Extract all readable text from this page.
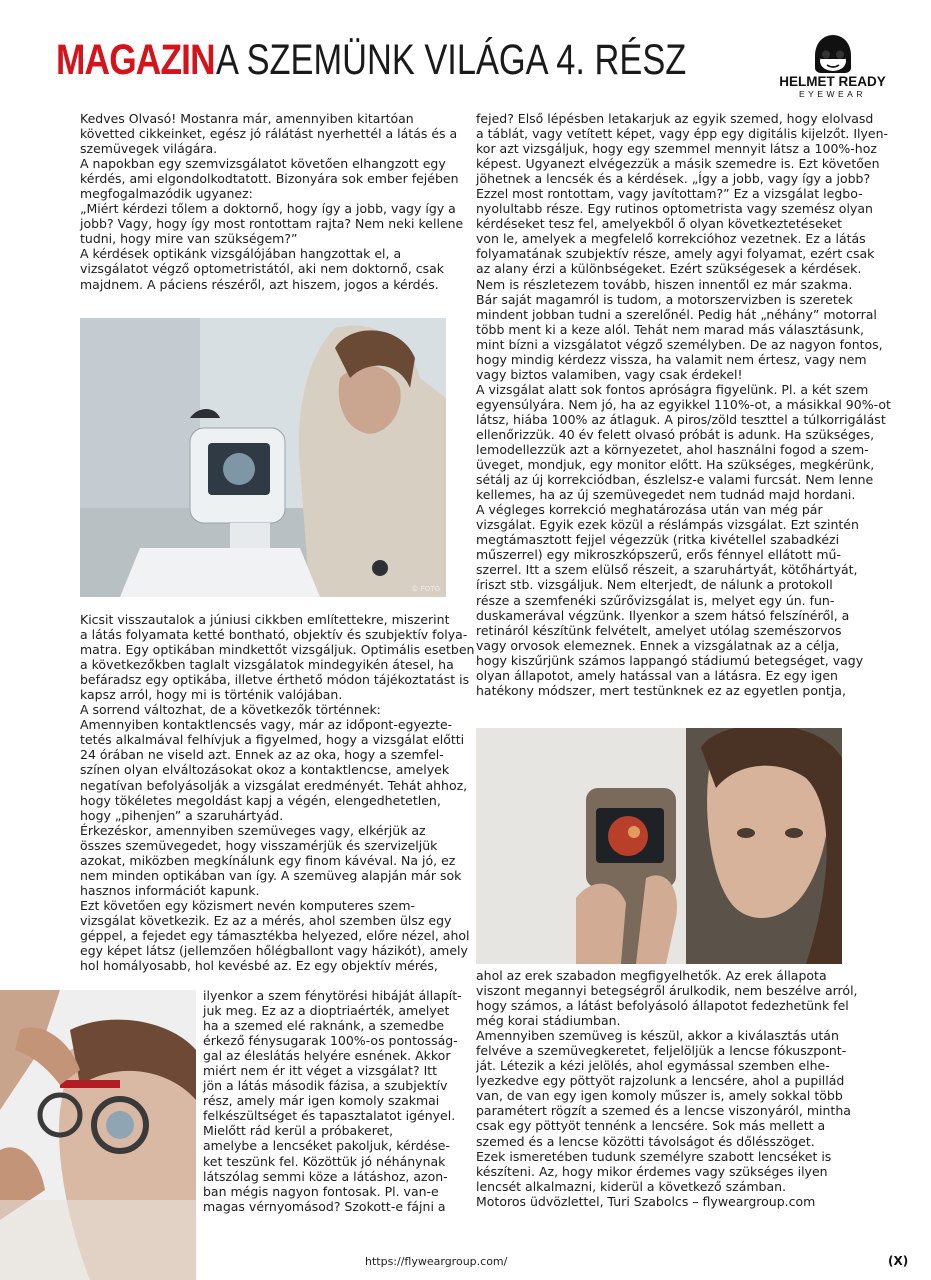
MAGAZIN A SZEMÜNK VILÁGA 4. RÉSZ	HELMET READY
EYEWEAR

Kedves Olvasó! Mostanra már, amennyiben kitartóan

követted cikkeinket, egész jó rálátást nyerhettél a látás és a

szemüvegek világára.

A napokban egy szemvizsgálatot követően elhangzott egy

kérdés, ami elgondolkodtatott. Bizonyára sok ember fejében

megfogalmazódik ugyanez:

„Miért kérdezi tőlem a doktornő, hogy így a jobb, vagy így a

jobb? Vagy, hogy így most rontottam rajta? Nem neki kellene

tudni, hogy mire van szükségem?”

A kérdések optikánk vizsgálójában hangzottak el, a

vizsgálatot végző optometristától, aki nem doktornő, csak

majdnem. A páciens részéről, azt hiszem, jogos a kérdés.

© FOTÓ

Kicsit visszautalok a júniusi cikkben említettekre, miszerint

a látás folyamata ketté bontható, objektív és szubjektív folya-

matra. Egy optikában mindkettőt vizsgáljuk. Optimális esetben

a következőkben taglalt vizsgálatok mindegyikén átesel, ha

befáradsz egy optikába, illetve érthető módon tájékoztatást is

kapsz arról, hogy mi is történik valójában.

A sorrend változhat, de a következők történnek:

Amennyiben kontaktlencsés vagy, már az időpont-egyezte-

tetés alkalmával felhívjuk a figyelmed, hogy a vizsgálat előtti

24 órában ne viseld azt. Ennek az az oka, hogy a szemfel-

színen olyan elváltozásokat okoz a kontaktlencse, amelyek

negatívan befolyásolják a vizsgálat eredményét. Tehát ahhoz,

hogy tökéletes megoldást kapj a végén, elengedhetetlen,

hogy „pihenjen” a szaruhártyád.

Érkezéskor, amennyiben szemüveges vagy, elkérjük az

összes szemüvegedet, hogy visszamérjük és szervizeljük

azokat, miközben megkínálunk egy finom kávéval. Na jó, ez

nem minden optikában van így. A szemüveg alapján már sok

hasznos információt kapunk.

Ezt követően egy közismert nevén komputeres szem-

vizsgálat következik. Ez az a mérés, ahol szemben ülsz egy

géppel, a fejedet egy támasztékba helyezed, előre nézel, ahol

egy képet látsz (jellemzően hőlégballont vagy házikót), amely

hol homályosabb, hol kevésbé az. Ez egy objektív mérés,

ilyenkor a szem fénytörési hibáját állapít-

juk meg. Ez az a dioptriaérték, amelyet

ha a szemed elé raknánk, a szemedbe

érkező fénysugarak 100%-os pontosság-

gal az éleslátás helyére esnének. Akkor

miért nem ér itt véget a vizsgálat? Itt

jön a látás második fázisa, a szubjektív

rész, amely már igen komoly szakmai

felkészültséget és tapasztalatot igényel.

Mielőtt rád kerül a próbakeret,

amelybe a lencséket pakoljuk, kérdése-

ket teszünk fel. Közöttük jó néhánynak

látszólag semmi köze a látáshoz, azon-

ban mégis nagyon fontosak. Pl. van-e

magas vérnyomásod? Szokott-e fájni a

fejed? Első lépésben letakarjuk az egyik szemed, hogy elolvasd

a táblát, vagy vetített képet, vagy épp egy digitális kijelzőt. Ilyen-

kor azt vizsgáljuk, hogy egy szemmel mennyit látsz a 100%-hoz

képest. Ugyanezt elvégezzük a másik szemedre is. Ezt követően

jöhetnek a lencsék és a kérdések. „Így a jobb, vagy így a jobb?

Ezzel most rontottam, vagy javítottam?” Ez a vizsgálat legbo-

nyolultabb része. Egy rutinos optometrista vagy szemész olyan

kérdéseket tesz fel, amelyekből ő olyan következtetéseket

von le, amelyek a megfelelő korrekcióhoz vezetnek. Ez a látás

folyamatának szubjektív része, amely agyi folyamat, ezért csak

az alany érzi a különbségeket. Ezért szükségesek a kérdések.

Nem is részletezem tovább, hiszen innentől ez már szakma.

Bár saját magamról is tudom, a motorszervizben is szeretek

mindent jobban tudni a szerelőnél. Pedig hát „néhány” motorral

több ment ki a keze alól. Tehát nem marad más választásunk,

mint bízni a vizsgálatot végző személyben. De az nagyon fontos,

hogy mindig kérdezz vissza, ha valamit nem értesz, vagy nem

vagy biztos valamiben, vagy csak érdekel!

A vizsgálat alatt sok fontos apróságra figyelünk. Pl. a két szem

egyensúlyára. Nem jó, ha az egyikkel 110%-ot, a másikkal 90%-ot

látsz, hiába 100% az átlaguk. A piros/zöld teszttel a túlkorrigálást

ellenőrizzük. 40 év felett olvasó próbát is adunk. Ha szükséges,

lemodellezzük azt a környezetet, ahol használni fogod a szem-

üveget, mondjuk, egy monitor előtt. Ha szükséges, megkérünk,

sétálj az új korrekciódban, észlelsz-e valami furcsát. Nem lenne

kellemes, ha az új szemüvegedet nem tudnád majd hordani.

A végleges korrekció meghatározása után van még pár

vizsgálat. Egyik ezek közül a réslámpás vizsgálat. Ezt szintén

megtámasztott fejjel végezzük (ritka kivétellel szabadkézi

műszerrel) egy mikroszkópszerű, erős fénnyel ellátott mű-

szerrel. Itt a szem elülső részeit, a szaruhártyát, kötőhártyát,

íriszt stb. vizsgáljuk. Nem elterjedt, de nálunk a protokoll

része a szemfenéki szűrővizsgálat is, melyet egy ún. fun-

duskamerával végzünk. Ilyenkor a szem hátsó felszínéről, a

retináról készítünk felvételt, amelyet utólag szemészorvos

vagy orvosok elemeznek. Ennek a vizsgálatnak az a célja,

hogy kiszűrjünk számos lappangó stádiumú betegséget, vagy

olyan állapotot, amely hatással van a látásra. Ez egy igen

hatékony módszer, mert testünknek ez az egyetlen pontja,

ahol az erek szabadon megfigyelhetők. Az erek állapota

viszont megannyi betegségről árulkodik, nem beszélve arról,

hogy számos, a látást befolyásoló állapotot fedezhetünk fel

még korai stádiumban.

Amennyiben szemüveg is készül, akkor a kiválasztás után

felvéve a szemüvegkeretet, feljelöljük a lencse fókuszpont-

ját. Létezik a kézi jelölés, ahol egymással szemben elhe-

lyezkedve egy pöttyöt rajzolunk a lencsére, ahol a pupillád

van, de van egy igen komoly műszer is, amely sokkal több

paramétert rögzít a szemed és a lencse viszonyáról, mintha

csak egy pöttyöt tennénk a lencsére. Sok más mellett a

szemed és a lencse közötti távolságot és dőlésszöget.

Ezek ismeretében tudunk személyre szabott lencséket is

készíteni. Az, hogy mikor érdemes vagy szükséges ilyen

lencsét alkalmazni, kiderül a következő számban.

Motoros üdvözlettel, Turi Szabolcs – flyweargroup.com

https://flyweargroup.com/	(X)
